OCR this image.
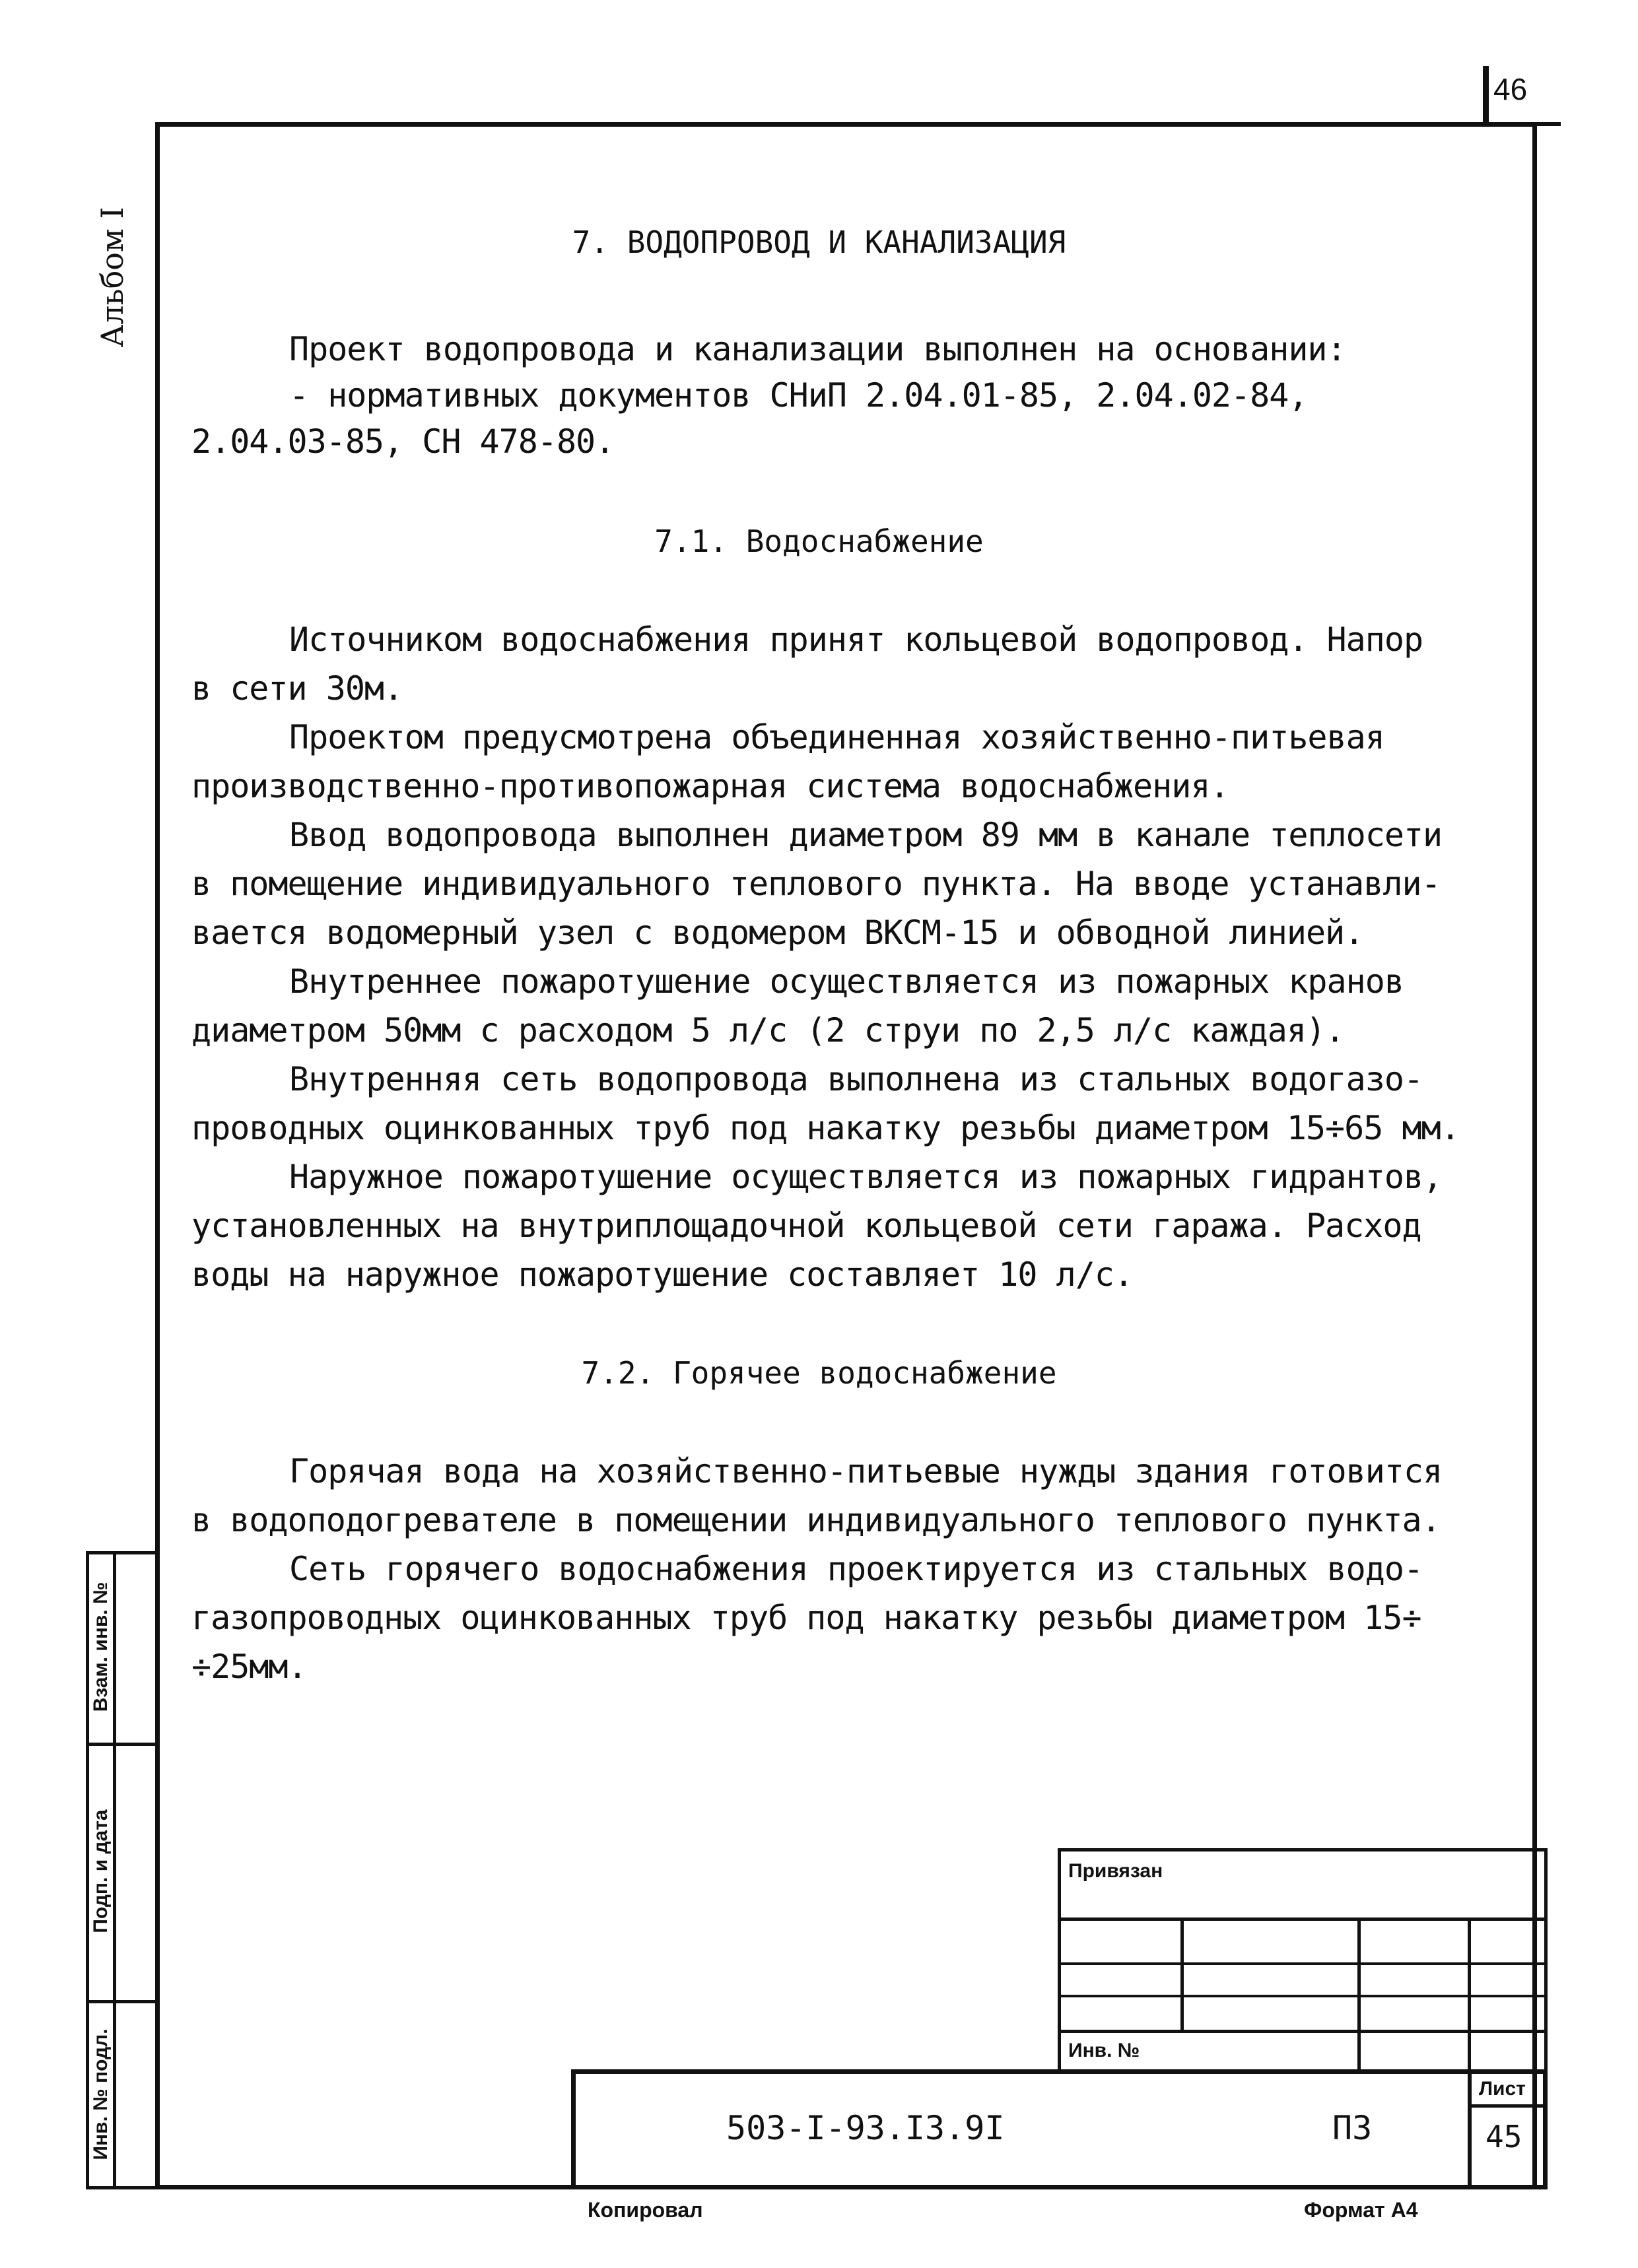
46
Альбом I	7. ВОДОПРОВОД И КАНАЛИЗАЦИЯ
Проект водопровода и канализации выполнен на основании:
- нормативных документов СНиП 2.04.01-85, 2.04.02-84,
2.04.03-85, СН 478-80.
7.1. Водоснабжение
Источником водоснабжения принят кольцевой водопровод. Напор
в сети 30м.
Проектом предусмотрена объединенная хозяйственно-питьевая
производственно-противопожарная система водоснабжения.
Ввод водопровода выполнен диаметром 89 мм в канале теплосети
в помещение индивидуального теплового пункта. На вводе устанавли-
вается водомерный узел с водомером ВКСМ-15 и обводной линией.
Внутреннее пожаротушение осуществляется из пожарных кранов
диаметром 50мм с расходом 5 л/с (2 струи по 2,5 л/с каждая).
Внутренняя сеть водопровода выполнена из стальных водогазо-
проводных оцинкованных труб под накатку резьбы диаметром 15÷65 мм.
Наружное пожаротушение осуществляется из пожарных гидрантов,
установленных на внутриплощадочной кольцевой сети гаража. Расход
воды на наружное пожаротушение составляет 10 л/с.
7.2. Горячее водоснабжение
Горячая вода на хозяйственно-питьевые нужды здания готовится
в водоподогревателе в помещении индивидуального теплового пункта.
Сеть горячего водоснабжения проектируется из стальных водо-
газопроводных оцинкованных труб под накатку резьбы диаметром 15÷
÷25мм.
Взам. инв. №
Подп. и дата
Инв. № подл.
Привязан
Инв. №
503-I-93.I3.9I	ПЗ
Лист
45
Копировал	Формат А4
